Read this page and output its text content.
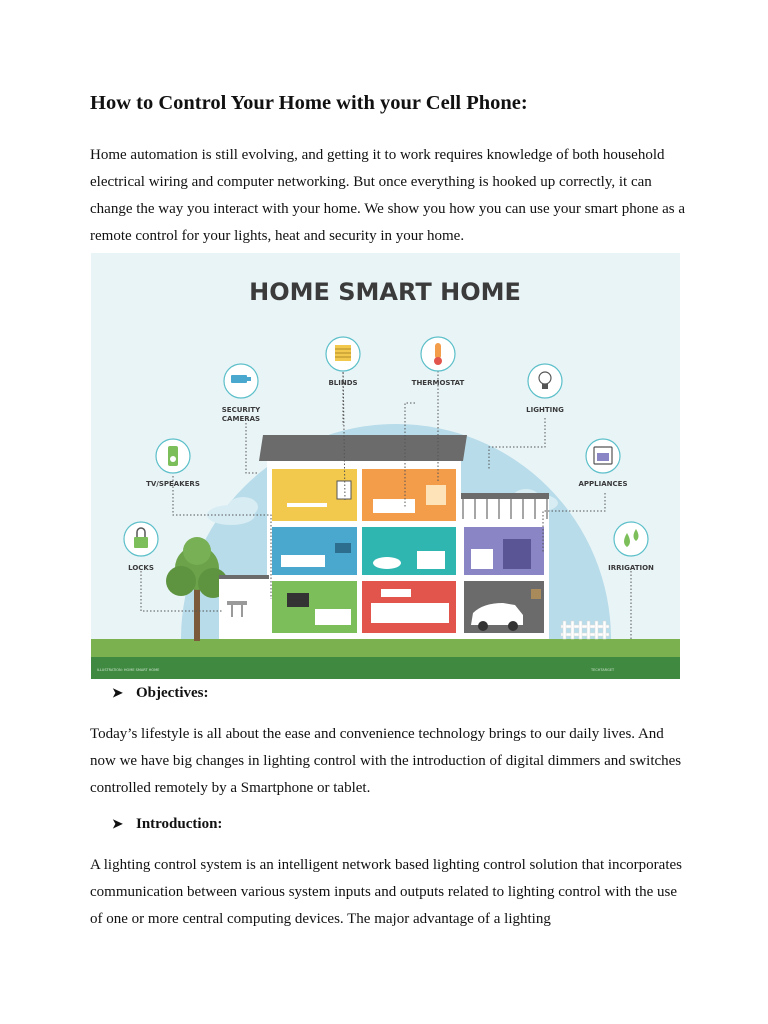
How to Control Your Home with your Cell Phone:

Home automation is still evolving, and getting it to work requires knowledge of both household electrical wiring and computer networking. But once everything is hooked up correctly, it can change the way you interact with your home. We show you how you can use your smart phone as a remote control for your lights, heat and security in your home.

HOME SMART HOME
ILLUSTRATION: HOME SMART HOME	TECHTARGET
BLINDS	THERMOSTAT
SECURITY
CAMERAS
LIGHTING
TV/SPEAKERS	APPLIANCES
LOCKS	IRRIGATION
➤ Objectives:

Today’s lifestyle is all about the ease and convenience technology brings to our daily lives. And now we have big changes in lighting control with the introduction of digital dimmers and switches controlled remotely by a Smartphone or tablet.

➤ Introduction:

A lighting control system is an intelligent network based lighting control solution that incorporates communication between various system inputs and outputs related to lighting control with the use of one or more central computing devices. The major advantage of a lighting
